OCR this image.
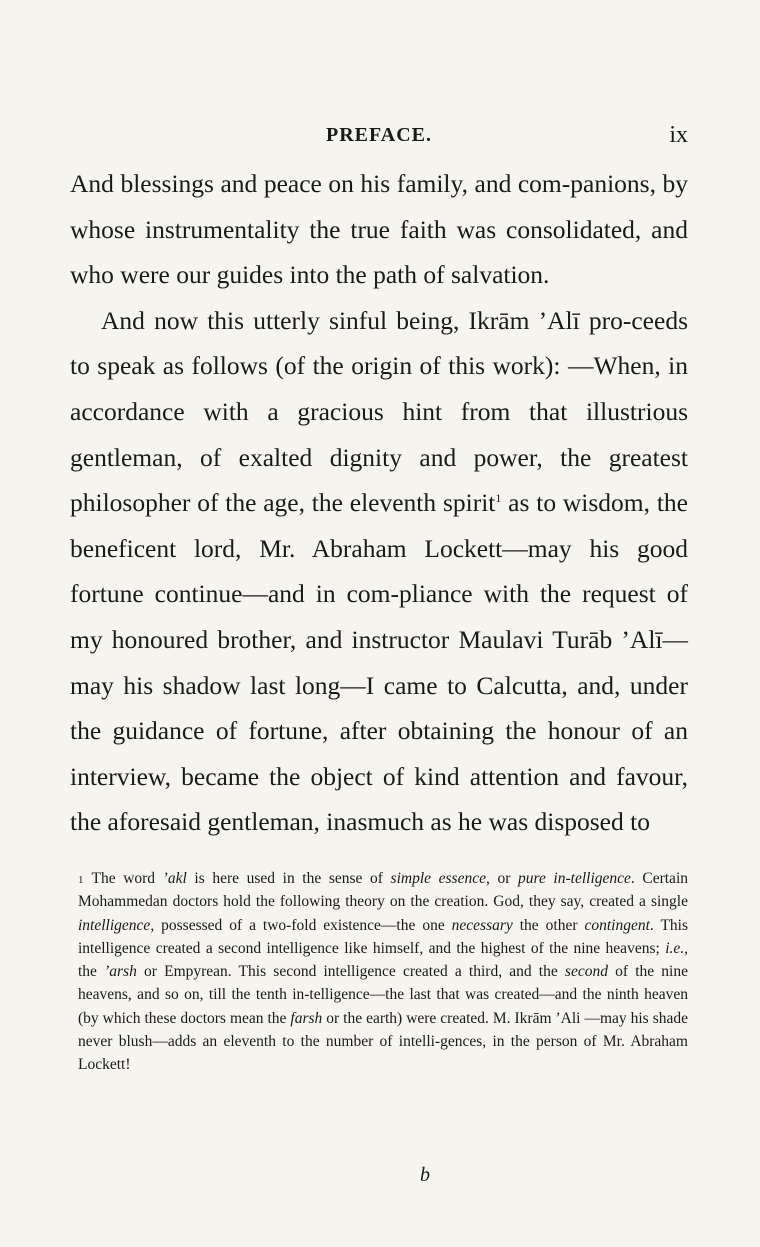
PREFACE.	ix

And blessings and peace on his family, and com-panions, by whose instrumentality the true faith was consolidated, and who were our guides into the path of salvation.

And now this utterly sinful being, Ikrām ’Alī pro-ceeds to speak as follows (of the origin of this work): —When, in accordance with a gracious hint from that illustrious gentleman, of exalted dignity and power, the greatest philosopher of the age, the eleventh spirit$^1$ as to wisdom, the beneficent lord, Mr. Abraham Lockett—may his good fortune continue—and in com-pliance with the request of my honoured brother, and instructor Maulavi Turāb ’Alī—may his shadow last long—I came to Calcutta, and, under the guidance of fortune, after obtaining the honour of an interview, became the object of kind attention and favour, the aforesaid gentleman, inasmuch as he was disposed to

$^1$ The word ’akl is here used in the sense of simple essence, or pure in-telligence. Certain Mohammedan doctors hold the following theory on the creation. God, they say, created a single intelligence, possessed of a two-fold existence—the one necessary the other contingent. This intelligence created a second intelligence like himself, and the highest of the nine heavens; i.e., the ’arsh or Empyrean. This second intelligence created a third, and the second of the nine heavens, and so on, till the tenth in-telligence—the last that was created—and the ninth heaven (by which these doctors mean the farsh or the earth) were created. M. Ikrām ’Ali —may his shade never blush—adds an eleventh to the number of intelli-gences, in the person of Mr. Abraham Lockett!

b
